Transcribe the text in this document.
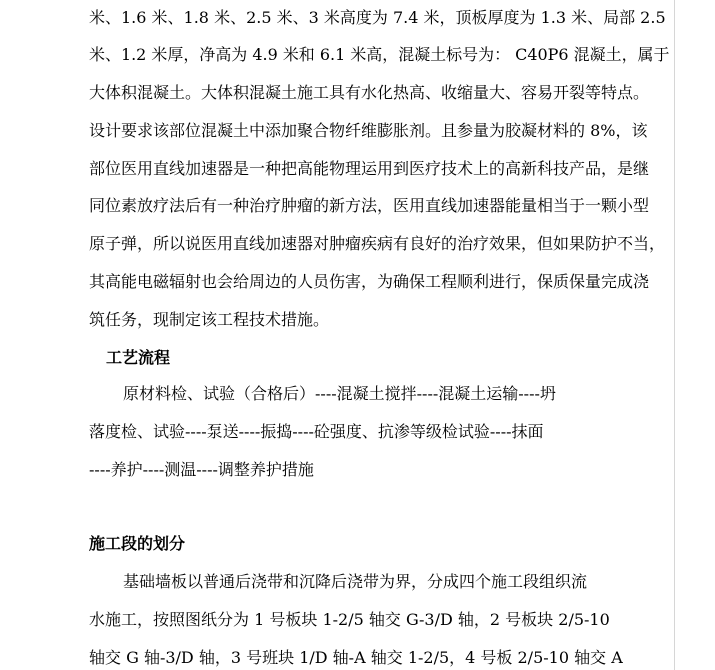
米、1.6 米、1.8 米、2.5 米、3 米高度为 7.4 米，顶板厚度为 1.3 米、局部 2.5
米、1.2 米厚，净高为 4.9 米和 6.1 米高，混凝土标号为： C40P6 混凝土，属于
大体积混凝土。大体积混凝土施工具有水化热高、收缩量大、容易开裂等特点。
设计要求该部位混凝土中添加聚合物纤维膨胀剂。且参量为胶凝材料的 8%，该
部位医用直线加速器是一种把高能物理运用到医疗技术上的高新科技产品，是继
同位素放疗法后有一种治疗肿瘤的新方法，医用直线加速器能量相当于一颗小型
原子弹，所以说医用直线加速器对肿瘤疾病有良好的治疗效果，但如果防护不当，
其高能电磁辐射也会给周边的人员伤害，为确保工程顺利进行，保质保量完成浇
筑任务，现制定该工程技术措施。
工艺流程
原材料检、试验（合格后）----混凝土搅拌----混凝土运输----坍
落度检、试验----泵送----振捣----砼强度、抗渗等级检试验----抹面
----养护----测温----调整养护措施
施工段的划分
基础墙板以普通后浇带和沉降后浇带为界，分成四个施工段组织流
水施工，按照图纸分为 1 号板块 1-2/5 轴交 G-3/D 轴，2 号板块 2/5-10
轴交 G 轴-3/D 轴，3 号班块 1/D 轴-A 轴交 1-2/5，4 号板 2/5-10 轴交 A
